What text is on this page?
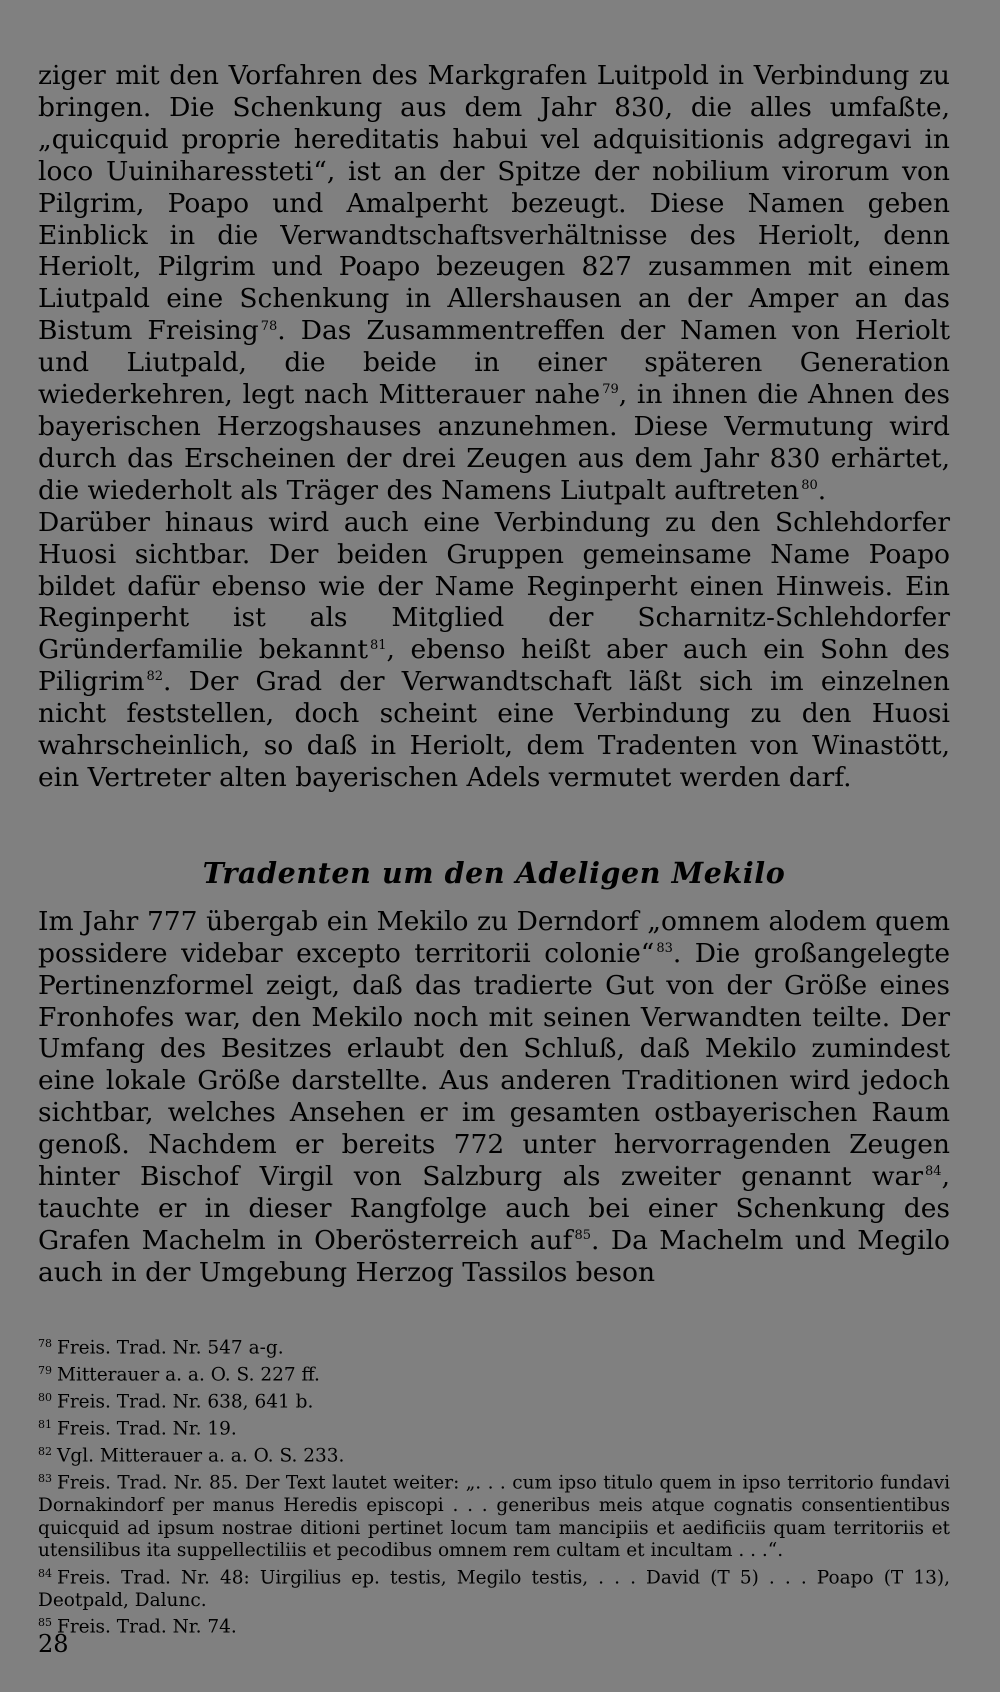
ziger mit den Vorfahren des Markgrafen Luitpold in Verbindung zu bringen. Die Schenkung aus dem Jahr 830, die alles umfaßte, „quicquid proprie hereditatis habui vel adquisitionis adgregavi in loco Uuiniharessteti“, ist an der Spitze der nobilium virorum von Pilgrim, Poapo und Amalperht bezeugt. Diese Namen geben Einblick in die Verwandtschaftsverhältnisse des Heriolt, denn Heriolt, Pilgrim und Poapo bezeugen 827 zusammen mit einem Liutpald eine Schenkung in Allershausen an der Amper an das Bistum Freising $^{78}$. Das Zusammentreffen der Namen von Heriolt und Liutpald, die beide in einer späteren Generation wiederkehren, legt nach Mitterauer nahe $^{79}$, in ihnen die Ahnen des bayerischen Herzogshauses anzunehmen. Diese Vermutung wird durch das Erscheinen der drei Zeugen aus dem Jahr 830 erhärtet, die wiederholt als Träger des Namens Liutpalt auftreten $^{80}$.

Darüber hinaus wird auch eine Verbindung zu den Schlehdorfer Huosi sichtbar. Der beiden Gruppen gemeinsame Name Poapo bildet dafür ebenso wie der Name Reginperht einen Hinweis. Ein Reginperht ist als Mitglied der Scharnitz-Schlehdorfer Gründerfamilie bekannt $^{81}$, ebenso heißt aber auch ein Sohn des Piligrim $^{82}$. Der Grad der Verwandtschaft läßt sich im einzelnen nicht feststellen, doch scheint eine Verbindung zu den Huosi wahrscheinlich, so daß in Heriolt, dem Tradenten von Winastött, ein Vertreter alten bayerischen Adels vermutet werden darf.

Tradenten um den Adeligen Mekilo

Im Jahr 777 übergab ein Mekilo zu Derndorf „omnem alodem quem possidere videbar excepto territorii colonie“ $^{83}$. Die großangelegte Pertinenzformel zeigt, daß das tradierte Gut von der Größe eines Fronhofes war, den Mekilo noch mit seinen Verwandten teilte. Der Umfang des Besitzes erlaubt den Schluß, daß Mekilo zumindest eine lokale Größe darstellte. Aus anderen Traditionen wird jedoch sichtbar, welches Ansehen er im gesamten ostbayerischen Raum genoß. Nachdem er bereits 772 unter hervorragenden Zeugen hinter Bischof Virgil von Salzburg als zweiter genannt war $^{84}$, tauchte er in dieser Rangfolge auch bei einer Schenkung des Grafen Machelm in Oberösterreich auf $^{85}$. Da Machelm und Megilo auch in der Umgebung Herzog Tassilos beson

$^{78}$ Freis. Trad. Nr. 547 a-g.

$^{79}$ Mitterauer a. a. O. S. 227 ff.

$^{80}$ Freis. Trad. Nr. 638, 641 b.

$^{81}$ Freis. Trad. Nr. 19.

$^{82}$ Vgl. Mitterauer a. a. O. S. 233.

$^{83}$ Freis. Trad. Nr. 85. Der Text lautet weiter: „. . . cum ipso titulo quem in ipso territorio fundavi Dornakindorf per manus Heredis episcopi . . . generibus meis atque cognatis consentientibus quicquid ad ipsum nostrae ditioni pertinet locum tam mancipiis et aedificiis quam territoriis et utensilibus ita suppellectiliis et pecodibus omnem rem cultam et incultam . . .“.

$^{84}$ Freis. Trad. Nr. 48: Uirgilius ep. testis, Megilo testis, . . . David (T 5) . . . Poapo (T 13), Deotpald, Dalunc.

$^{85}$ Freis. Trad. Nr. 74.

28
